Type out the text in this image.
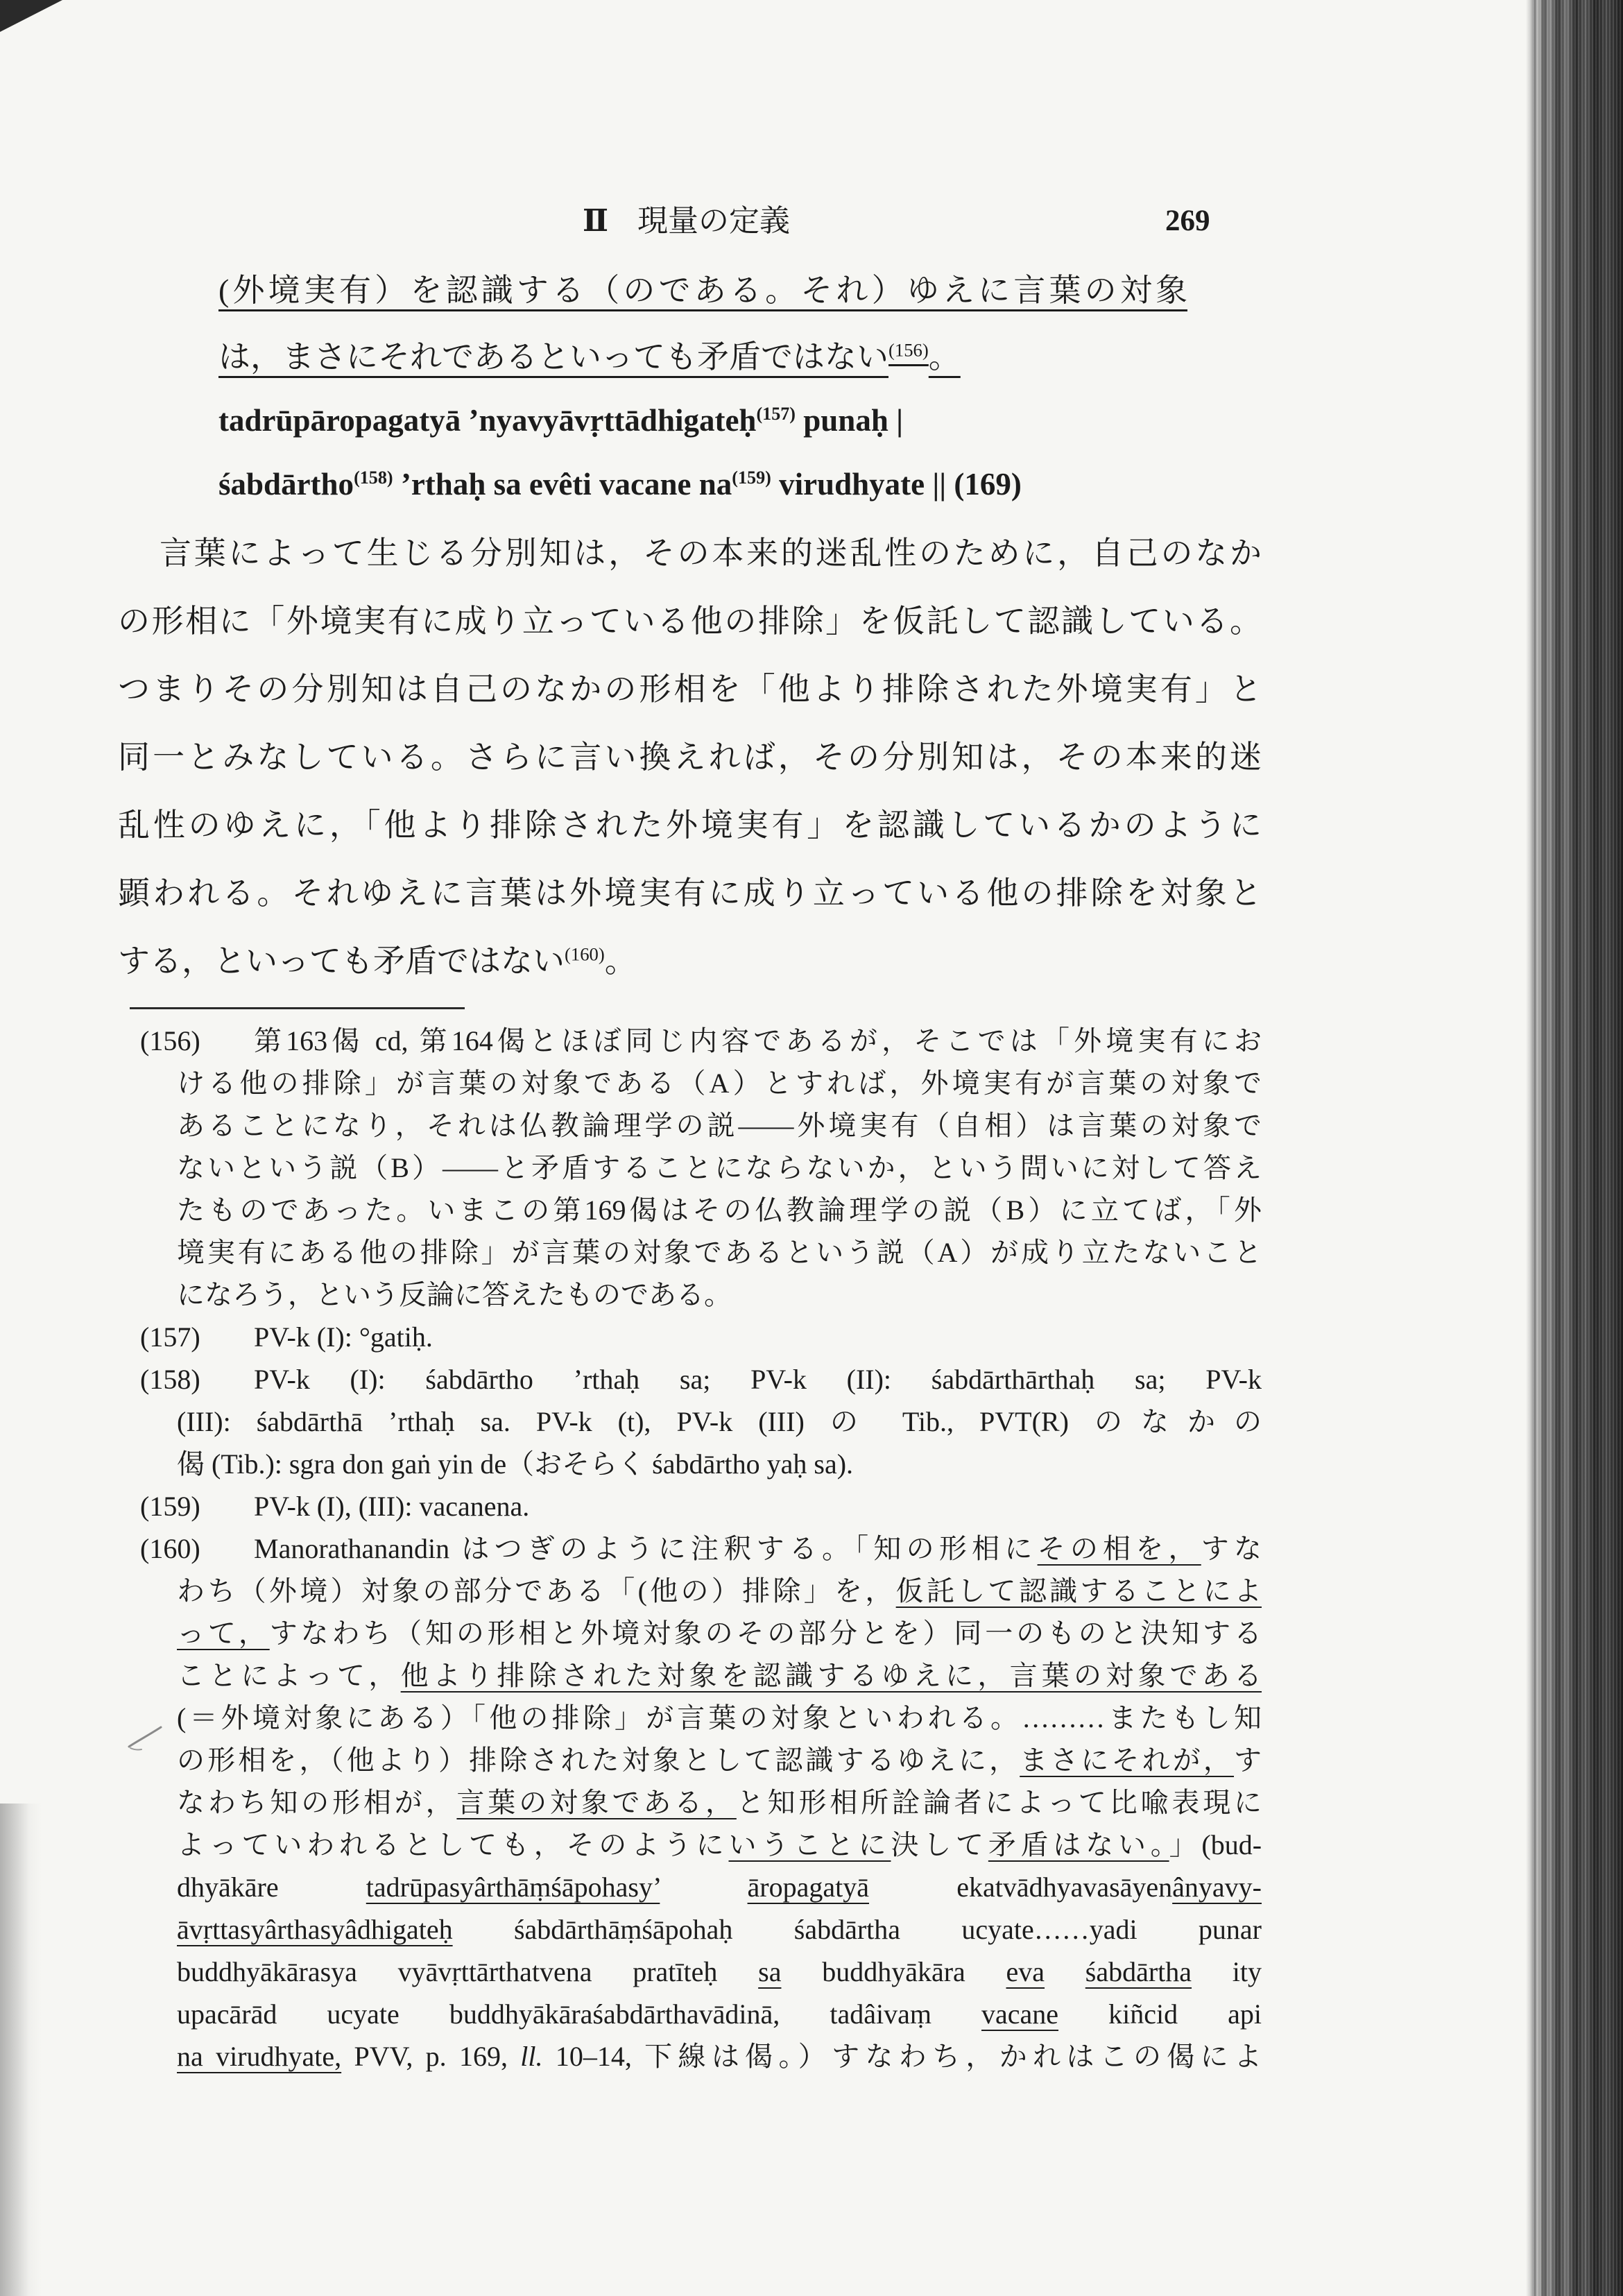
Ⅱ 現量の定義	269
(外境実有）を認識する（のである。それ）ゆえに言葉の対象
は，まさにそれであるといっても矛盾ではない$^{(156)}$。
tadrūpāropagatyā ’nyavyāvṛttādhigateḥ$^{(157)}$ punaḥ |
śabdārtho$^{(158)}$ ’rthaḥ sa evêti vacane $na^{(159)}$ virudhyate || (169)
言葉によって生じる分別知は，その本来的迷乱性のために，自己のなか
の形相に「外境実有に成り立っている他の排除」を仮託して認識している。
つまりその分別知は自己のなかの形相を「他より排除された外境実有」と
同一とみなしている。さらに言い換えれば，その分別知は，その本来的迷
乱性のゆえに，「他より排除された外境実有」を認識しているかのように
顕われる。それゆえに言葉は外境実有に成り立っている他の排除を対象と
する，といっても矛盾ではない$^{(160)}$。
(156)	第163偈 cd, 第164偈とほぼ同じ内容であるが，そこでは「外境実有にお
ける他の排除」が言葉の対象である（A）とすれば，外境実有が言葉の対象で
あることになり，それは仏教論理学の説――外境実有（自相）は言葉の対象で
ないという説（B）――と矛盾することにならないか，という問いに対して答え
たものであった。いまこの第169偈はその仏教論理学の説（B）に立てば，「外
境実有にある他の排除」が言葉の対象であるという説（A）が成り立たないこと
になろう，という反論に答えたものである。
(157)	PV-k (I): °gatiḥ.
(158)	PV-k (I): śabdārtho ’rthaḥ sa; PV-k (II): śabdārthārthaḥ sa; PV-k
(III): śabdārthā ’rthaḥ sa. PV-k (t), PV-k (III) の Tib., PVT(R) のなかの
偈 (Tib.): sgra don gaṅ yin de（おそらく śabdārtho yaḥ sa).
(159)	PV-k (I), (III): vacanena.
(160)	Manorathanandin はつぎのように注釈する。「知の形相にその相を，すな
わち（外境）対象の部分である「(他の）排除」を，仮託して認識することによ
って，すなわち（知の形相と外境対象のその部分とを）同一のものと決知する
ことによって，他より排除された対象を認識するゆえに，言葉の対象である
(＝外境対象にある）「他の排除」が言葉の対象といわれる。………またもし知
の形相を，（他より）排除された対象として認識するゆえに，まさにそれが，す
なわち知の形相が，言葉の対象である，と知形相所詮論者によって比喩表現に
よっていわれるとしても，そのようにいうことに決して矛盾はない。」(bud-
dhyākāre tadrūpasyârthāṃśāpohasy’	āropagatyā ekatvādhyavasāyenânyavy-
āvṛttasyârthasyâdhigateḥ śabdārthāṃśāpohaḥ śabdārtha ucyate……yadi punar
buddhyākārasya vyāvṛttārthatvena pratīteḥ sa buddhyākāra eva śabdārtha ity
upacārād ucyate buddhyākāraśabdārthavādinā, tadâivaṃ vacane kiñcid api
na virudhyate, PVV, p. 169, ll. 10–14, 下線は偈。）すなわち，かれはこの偈によ
